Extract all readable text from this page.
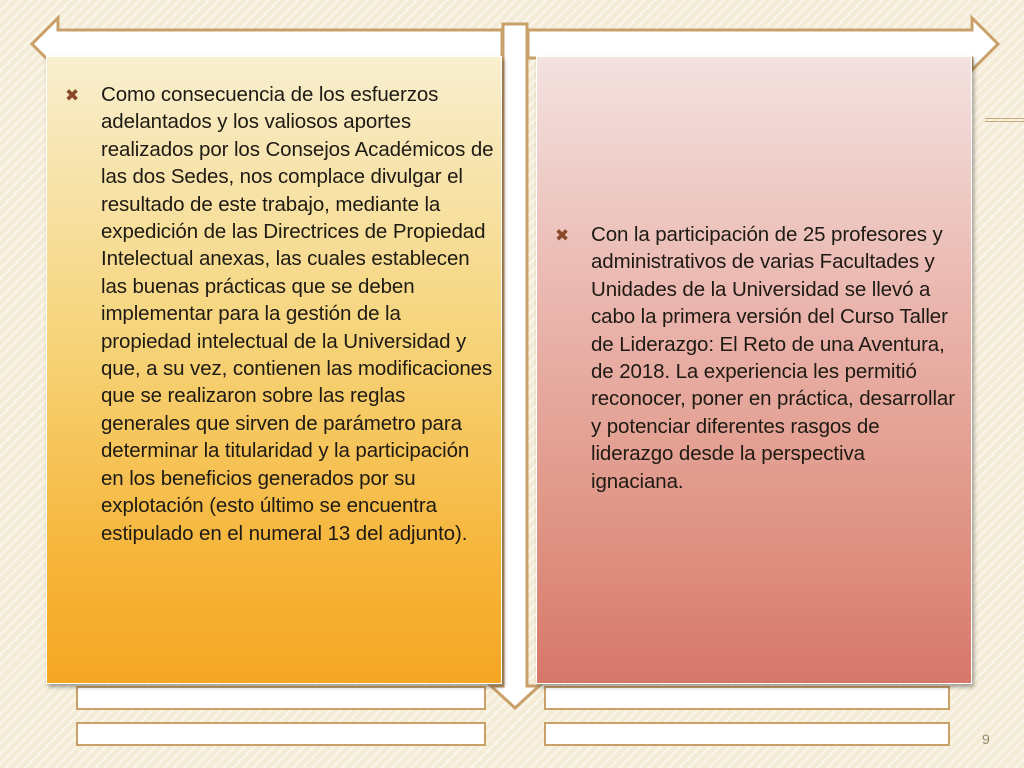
✖ Como consecuencia de los esfuerzos adelantados y los valiosos aportes realizados por los Consejos Académicos de las dos Sedes, nos complace divulgar el resultado de este trabajo, mediante la expedición de las Directrices de Propiedad Intelectual anexas, las cuales establecen las buenas prácticas que se deben implementar para la gestión de la propiedad intelectual de la Universidad y que, a su vez, contienen las modificaciones que se realizaron sobre las reglas generales que sirven de parámetro para determinar la titularidad y la participación en los beneficios generados por su explotación (esto último se encuentra estipulado en el numeral 13 del adjunto).
✖ Con la participación de 25 profesores y administrativos de varias Facultades y Unidades de la Universidad se llevó a cabo la primera versión del Curso Taller de Liderazgo: El Reto de una Aventura, de 2018. La experiencia les permitió reconocer, poner en práctica, desarrollar y potenciar diferentes rasgos de liderazgo desde la perspectiva ignaciana.
9
